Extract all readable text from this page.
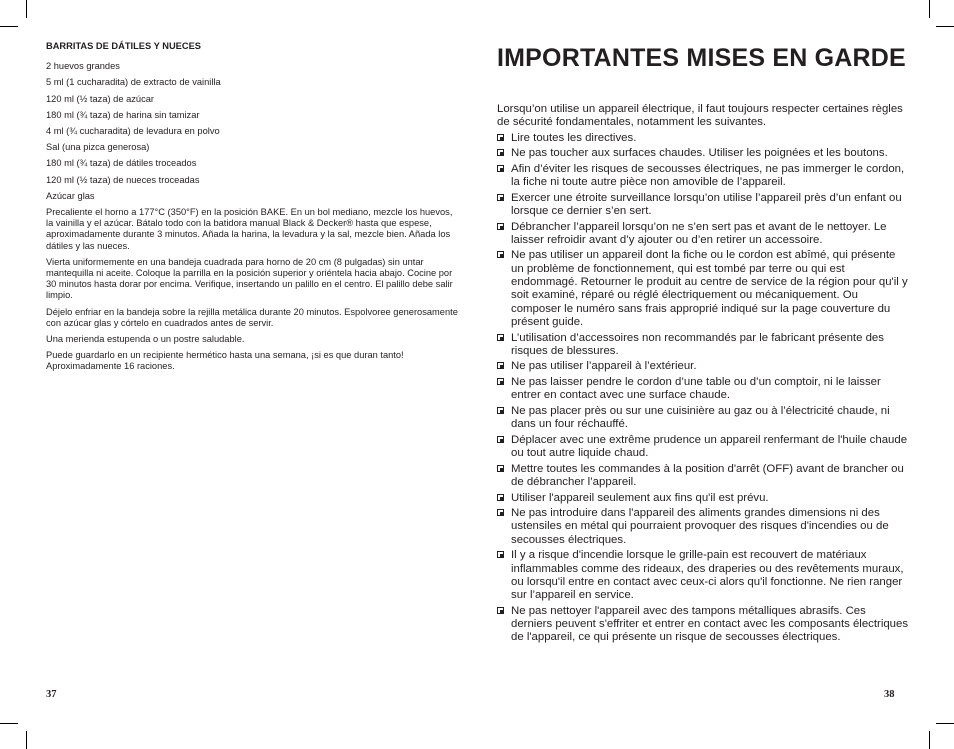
BARRITAS DE DÁTILES Y NUECES
2 huevos grandes
5 ml (1 cucharadita) de extracto de vainilla
120 ml (½ taza) de azúcar
180 ml (¾ taza) de harina sin tamizar
4 ml (¾ cucharadita) de levadura en polvo
Sal (una pizca generosa)
180 ml (¾ taza) de dátiles troceados
120 ml (½ taza) de nueces troceadas
Azúcar glas

Precaliente el horno a 177°C (350°F) en la posición BAKE. En un bol mediano, mezcle los huevos, la vainilla y el azúcar. Bátalo todo con la batidora manual Black & Decker® hasta que espese, aproximadamente durante 3 minutos. Añada la harina, la levadura y la sal, mezcle bien. Añada los dátiles y las nueces.

Vierta uniformemente en una bandeja cuadrada para horno de 20 cm (8 pulgadas) sin untar mantequilla ni aceite. Coloque la parrilla en la posición superior y oriéntela hacia abajo. Cocine por 30 minutos hasta dorar por encima. Verifique, insertando un palillo en el centro. El palillo debe salir limpio.

Déjelo enfriar en la bandeja sobre la rejilla metálica durante 20 minutos. Espolvoree generosamente con azúcar glas y córtelo en cuadrados antes de servir.

Una merienda estupenda o un postre saludable.

Puede guardarlo en un recipiente hermético hasta una semana, ¡si es que duran tanto! Aproximadamente 16 raciones.

37
IMPORTANTES MISES EN GARDE

Lorsqu’on utilise un appareil électrique, il faut toujours respecter certaines règles de sécurité fondamentales, notamment les suivantes.

Lire toutes les directives.
Ne pas toucher aux surfaces chaudes. Utiliser les poignées et les boutons.
Afin d’éviter les risques de secousses électriques, ne pas immerger le cordon, la fiche ni toute autre pièce non amovible de l’appareil.
Exercer une étroite surveillance lorsqu’on utilise l’appareil près d’un enfant ou lorsque ce dernier s’en sert.
Débrancher l’appareil lorsqu’on ne s’en sert pas et avant de le nettoyer. Le laisser refroidir avant d’y ajouter ou d’en retirer un accessoire.
Ne pas utiliser un appareil dont la fiche ou le cordon est abîmé, qui présente un problème de fonctionnement, qui est tombé par terre ou qui est endommagé. Retourner le produit au centre de service de la région pour qu'il y soit examiné, réparé ou réglé électriquement ou mécaniquement. Ou composer le numéro sans frais approprié indiqué sur la page couverture du présent guide.
L’utilisation d’accessoires non recommandés par le fabricant présente des risques de blessures.
Ne pas utiliser l’appareil à l’extérieur.
Ne pas laisser pendre le cordon d’une table ou d’un comptoir, ni le laisser entrer en contact avec une surface chaude.
Ne pas placer près ou sur une cuisinière au gaz ou à l’électricité chaude, ni dans un four réchauffé.
Déplacer avec une extrême prudence un appareil renfermant de l'huile chaude ou tout autre liquide chaud.
Mettre toutes les commandes à la position d'arrêt (OFF) avant de brancher ou de débrancher l’appareil.
Utiliser l'appareil seulement aux fins qu'il est prévu.
Ne pas introduire dans l'appareil des aliments grandes dimensions ni des ustensiles en métal qui pourraient provoquer des risques d'incendies ou de secousses électriques.
Il y a risque d'incendie lorsque le grille-pain est recouvert de matériaux inflammables comme des rideaux, des draperies ou des revêtements muraux, ou lorsqu'il entre en contact avec ceux-ci alors qu'il fonctionne. Ne rien ranger sur l’appareil en service.
Ne pas nettoyer l'appareil avec des tampons métalliques abrasifs. Ces derniers peuvent s'effriter et entrer en contact avec les composants électriques de l'appareil, ce qui présente un risque de secousses électriques.
38
